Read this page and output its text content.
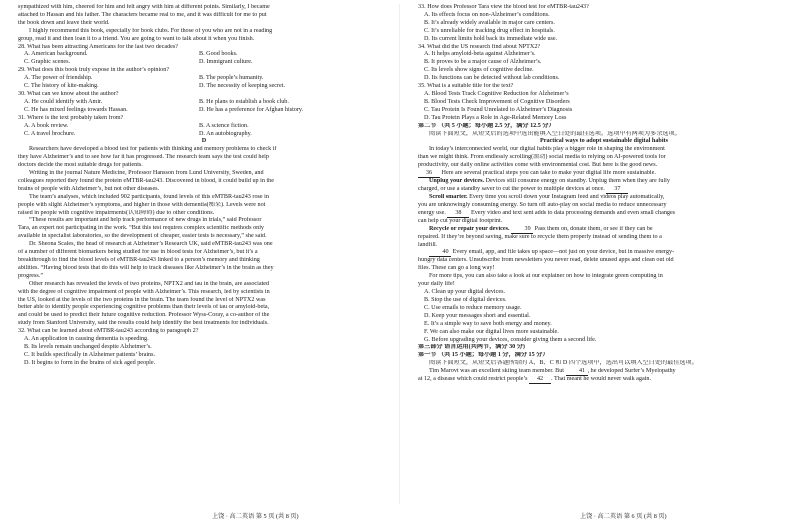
sympathized with him, cheered for him and felt angry with him at different points. Similarly, I became
attached to Hassan and his father. The characters became real to me, and it was difficult for me to put
the book down and leave their world.
I highly recommend this book, especially for book clubs. For those of you who are not in a reading
group, read it and then loan it to a friend. You are going to want to talk about it when you finish.
28. What has been attracting Americans for the last two decades?
A. American background.	B. Good books.
C. Graphic scenes.	D. Immigrant culture.
29. What does this book truly expose in the author’s opinion?
A. The power of friendship.	B. The people’s humanity.
C. The history of kite-making.	D. The necessity of keeping secret.
30. What can we know about the author?
A. He could identify with Amir.	B. He plans to establish a book club.
C. He has mixed feelings towards Hassan.	D. He has a preference for Afghan history.
31. Where is the text probably taken from?
A. A book review.	B. A science fiction.
C. A travel brochure.	D. An autobiography.
D
Researchers have developed a blood test for patients with thinking and memory problems to check if
they have Alzheimer’s and to see how far it has progressed. The research team says the test could help
doctors decide the most suitable drugs for patients.
Writing in the journal Nature Medicine, Professor Hansson from Lund University, Sweden, and
colleagues reported they found the protein eMTBR-tau243. Discovered in blood, it could build up in the
brains of people with Alzheimer’s, but not other diseases.
The team’s analyses, which included 902 participants, found levels of this eMTBR-tau243 rose in
people with slight Alzheimer’s symptoms, and higher in those with dementia(痴呆). Levels were not
raised in people with cognitive impairments(认知障碍) due to other conditions.
“These results are important and help track performance of new drugs in trials,” said Professor
Tara, an expert not participating in the work. “But this test requires complex scientific methods only
available in specialist laboratories, so the development of cheaper, easier tests is necessary,” she said.
Dr. Sheona Scales, the head of research at Alzheimer’s Research UK, said eMTBR-tau243 was one
of a number of different biomarkers being studied for use in blood tests for Alzheimer’s, but it’s a
breakthrough to find the blood levels of eMTBR-tau243 linked to a person’s memory and thinking
abilities. “Having blood tests that do this will help to track diseases like Alzheimer’s in the brain as they
progress.”
Other research has revealed the levels of two proteins, NPTX2 and tau in the brain, are associated
with the degree of cognitive impairment of people with Alzheimer’s. This research, led by scientists in
the US, looked at the levels of the two proteins in the brain. The team found the level of NPTX2 was
better able to identify people experiencing cognitive problems than their levels of tau or amyloid-beta,
and could be used to predict their future cognitive reduction. Professor Wyss-Coray, a co-author of the
study from Stanford University, said the results could help identify the best treatments for individuals.
32. What can be learned about eMTBR-tau243 according to paragraph 2?
A. An application in causing dementia is speeding.
B. Its levels remain unchanged despite Alzheimer’s.
C. It builds specifically in Alzheimer patients’ brains.
D. It begins to form in the brains of sick aged people.
33. How does Professor Tara view the blood test for eMTBR-tau243?
A. Its effects focus on non-Alzheimer’s conditions.
B. It’s already widely available in major care centers.
C. It’s unreliable for tracking drug effect in hospitals.
D. Its current limits hold back its immediate wide use.
34. What did the US research find about NPTX2?
A. It helps amyloid-beta against Alzheimer’s.
B. It proves to be a major cause of Alzheimer’s.
C. Its levels show signs of cognitive decline.
D. Its functions can be detected without lab conditions.
35. What is a suitable title for the text?
A. Blood Tests Track Cognitive Reduction for Alzheimer’s
B. Blood Tests Check Improvement of Cognitive Disorders
C. Tau Protein Is Found Unrelated to Alzheimer’s Diagnosis
D. Tau Protein Plays a Role in Age-Related Memory Loss
第二节 （共 5 小题；每小题 2.5 分，满分 12.5 分）
阅读下面短文，从短文后的选项中选出能填入空白处的最佳选项。选项中有两项为多余选项。
Practical ways to adopt sustainable digital habits
In today’s interconnected world, our digital habits play a bigger role in shaping the environment
than we might think. From endlessly scrolling(滚动) social media to relying on AI-powered tools for
productivity, our daily online activities come with environmental cost. But here is the good news.
36 Here are several practical steps you can take to make your digital life more sustainable.
Unplug your devices. Devices still consume energy on standby. Unplug them when they are fully
charged, or use a standby saver to cut the power to multiple devices at once. 37
Scroll smarter. Every time you scroll down your Instagram feed and videos play automatically,
you are unknowingly consuming energy. So turn off auto-play on social media to reduce unnecessary
energy use. 38 Every video and text sent adds to data processing demands and even small changes
can help cut your digital footprint.
Recycle or repair your devices. 39 Pass them on, donate them, or see if they can be
repaired. If they’re beyond saving, make sure to recycle them properly instead of sending them to a
landfill.
40 Every email, app, and file takes up space—not just on your device, but in massive energy-
hungry data centers. Unsubscribe from newsletters you never read, delete unused apps and clean out old
files. These can go a long way!
For more tips, you can also take a look at our explainer on how to integrate green computing in
your daily life!
A. Clean up your digital devices.
B. Stop the use of digital devices.
C. Use emails to reduce memory usage.
D. Keep your messages short and essential.
E. It’s a simple way to save both energy and money.
F. We can also make our digital lives more sustainable.
G. Before upgrading your devices, consider giving them a second life.
第三部分 语言运用(共两节，满分 30 分)
第一节 （共 15 小题；每小题 1 分，满分 15 分）
阅读下面短文，从短文后各题所给的 A、B、C 和 D 四个选项中，选出可以填入空白处的最佳选项。
Tim Marovt was an excellent skiing team member. But 41 , he developed Surfer’s Myelopathy
at 12, a disease which could restrict people’s 42 . That meant he would never walk again.
上饶 · 高二英语 第 5 页 (共 8 页)	上饶 · 高二英语 第 6 页 (共 8 页)
